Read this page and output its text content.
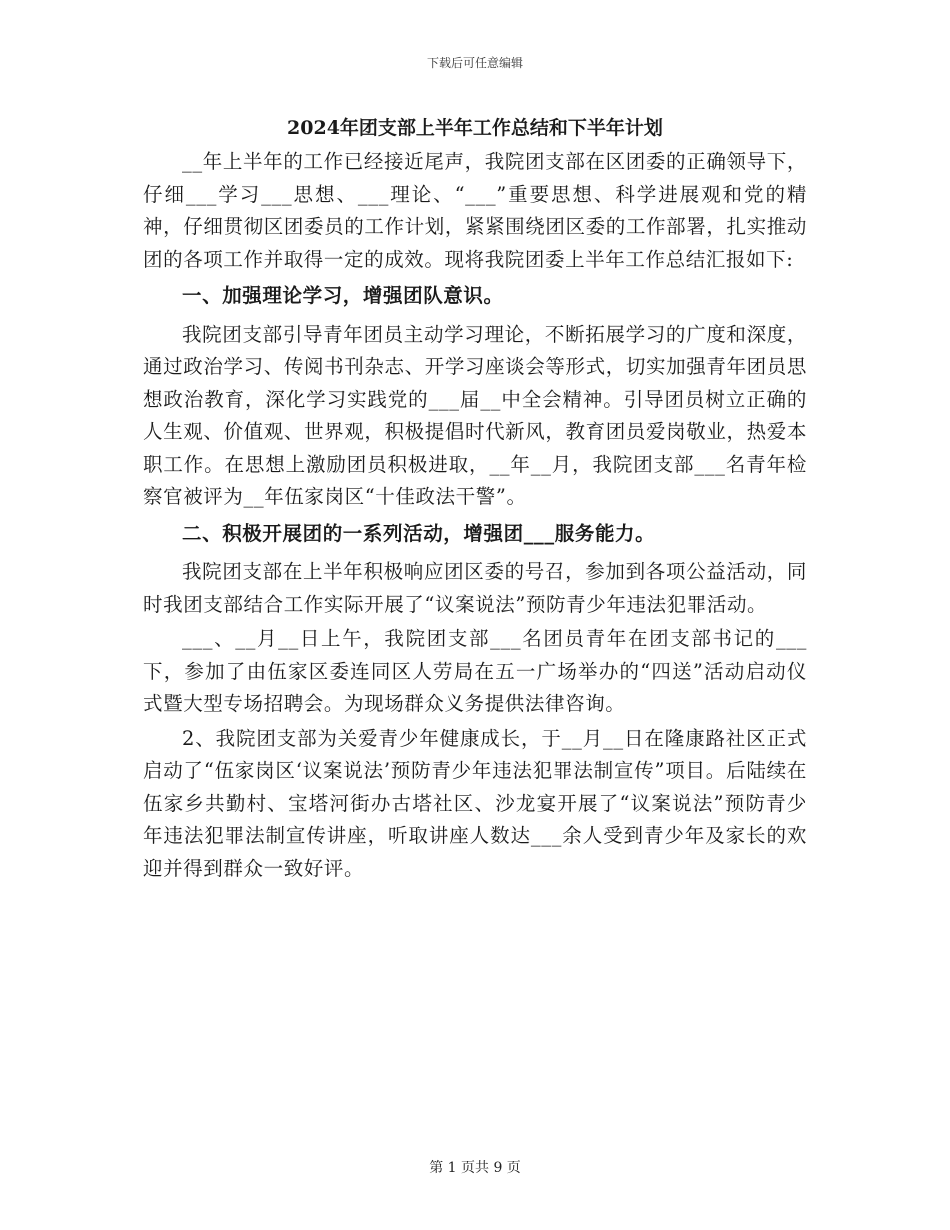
下载后可任意编辑
2024年团支部上半年工作总结和下半年计划

__年上半年的工作已经接近尾声，我院团支部在区团委的正确领导下，仔细___学习___思想、___理论、“___”重要思想、科学进展观和党的精神，仔细贯彻区团委员的工作计划，紧紧围绕团区委的工作部署，扎实推动团的各项工作并取得一定的成效。现将我院团委上半年工作总结汇报如下:

一、加强理论学习，增强团队意识。

我院团支部引导青年团员主动学习理论，不断拓展学习的广度和深度，通过政治学习、传阅书刊杂志、开学习座谈会等形式，切实加强青年团员思想政治教育，深化学习实践党的___届__中全会精神。引导团员树立正确的人生观、价值观、世界观，积极提倡时代新风，教育团员爱岗敬业，热爱本职工作。在思想上激励团员积极进取，__年__月，我院团支部___名青年检察官被评为__年伍家岗区“十佳政法干警”。

二、积极开展团的一系列活动，增强团___服务能力。

我院团支部在上半年积极响应团区委的号召，参加到各项公益活动，同时我团支部结合工作实际开展了“议案说法”预防青少年违法犯罪活动。

___、__月__日上午，我院团支部___名团员青年在团支部书记的___下，参加了由伍家区委连同区人劳局在五一广场举办的“四送”活动启动仪式暨大型专场招聘会。为现场群众义务提供法律咨询。

2、我院团支部为关爱青少年健康成长，于__月__日在隆康路社区正式启动了“伍家岗区‘议案说法’预防青少年违法犯罪法制宣传”项目。后陆续在伍家乡共勤村、宝塔河街办古塔社区、沙龙宴开展了“议案说法”预防青少年违法犯罪法制宣传讲座，听取讲座人数达___余人受到青少年及家长的欢迎并得到群众一致好评。

第 1 页共 9 页
